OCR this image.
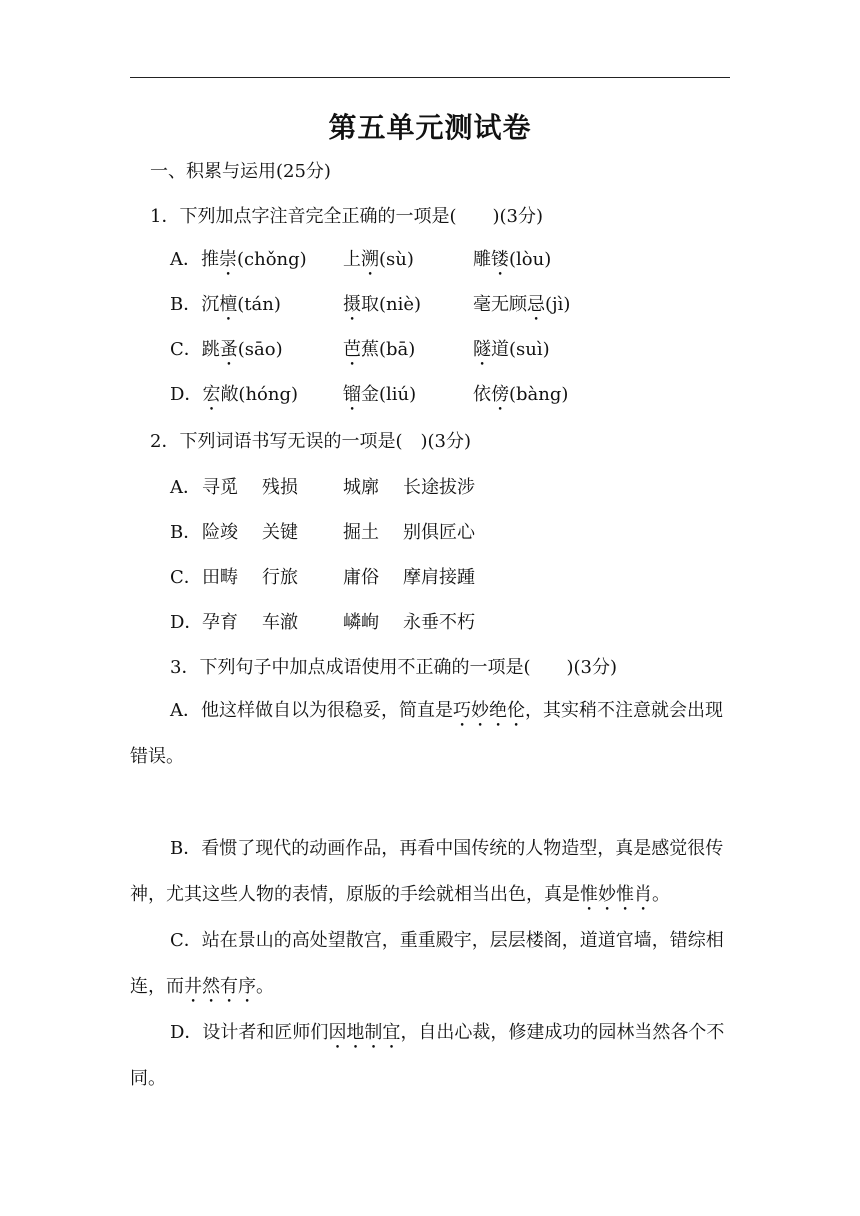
第五单元测试卷
一、积累与运用(25分)
1．下列加点字注音完全正确的一项是(　　)(3分)
A．推崇(chǒng) 上溯(sù)	雕镂(lòu)
B．沉檀(tán)	摄取(niè)	毫无顾忌(jì)
C．跳蚤(sāo)	芭蕉(bā)	隧道(suì)
D．宏敞(hóng) 镏金(liú)	依傍(bàng)
2．下列词语书写无误的一项是(　)(3分)
A． 寻觅 残损	城廓 长途拔涉
B． 险竣 关键	掘土 别俱匠心
C． 田畴 行旅	庸俗 摩肩接踵
D． 孕育 车澈	嶙峋 永垂不朽
3．下列句子中加点成语使用不正确的一项是(　　)(3分)
A．他这样做自以为很稳妥，简直是巧妙绝伦，其实稍不注意就会出现错误。
B．看惯了现代的动画作品，再看中国传统的人物造型，真是感觉很传神，尤其这些人物的表情，原版的手绘就相当出色，真是惟妙惟肖。
C．站在景山的高处望散宫，重重殿宇，层层楼阁，道道官墙，错综相连，而井然有序。
D．设计者和匠师们因地制宜，自出心裁，修建成功的园林当然各个不同。
